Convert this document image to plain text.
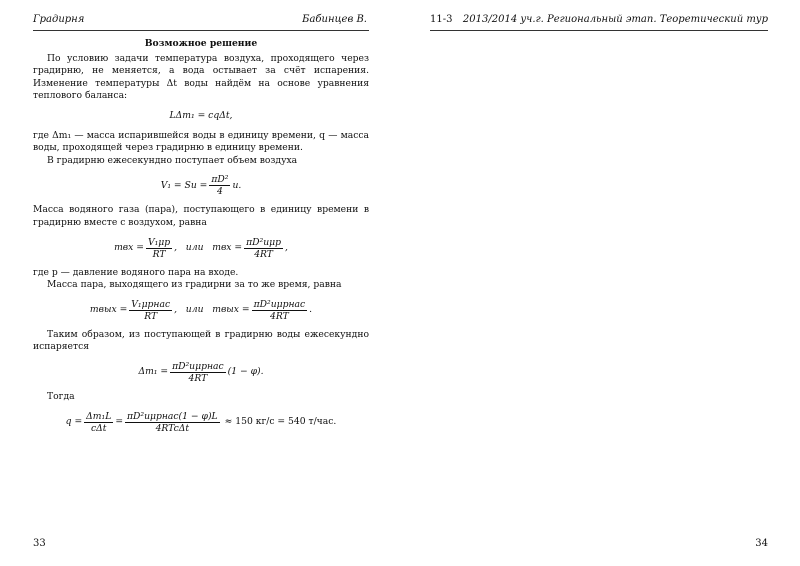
Градирня	Бабинцев В.
Возможное решение

По условию задачи температура воздуха, проходящего через градирню, не меняется, а вода остывает за счёт испарения. Изменение температуры Δt воды найдём на основе уравнения теплового баланса:

LΔm₁ = cqΔt,

где Δm₁ — масса испарившейся воды в единицу времени, q — масса воды, проходящей через градирню в единицу времени.

В градирню ежесекундно поступает объем воздуха

$V_1 = Su = \frac{\text{πD²}}{4} u$.

Масса водяного газа (пара), поступающего в единицу времени в градирню вместе с воздухом, равна

mвх = $\frac{\text{V₁μp}}{RT}$ ,   или   mвх = $\frac{\text{πD²uμp}}{4RT}$ ,

где p — давление водяного пара на входе.

Масса пара, выходящего из градирни за то же время, равна

mвых = $\frac{\text{V₁μpнас}}{RT}$ ,   или   mвых = $\frac{\text{πD²uμpнас}}{4RT}$ .

Таким образом, из поступающей в градирню воды ежесекундно испаряется

$\Delta m_1 = \frac{\text{πD²uμpнас}}{4RT} (1 - \varphi)$.

Тогда

$q = \frac{\text{Δm₁L}}{\text{cΔt}} = \frac{\text{πD²uμpнас(1 − φ)L}}{\text{4RTcΔt}} \approx 150$ кг/с = 540 т/час.
33
11-3 2013/2014 уч.г. Региональный этап. Теоретический тур
34
